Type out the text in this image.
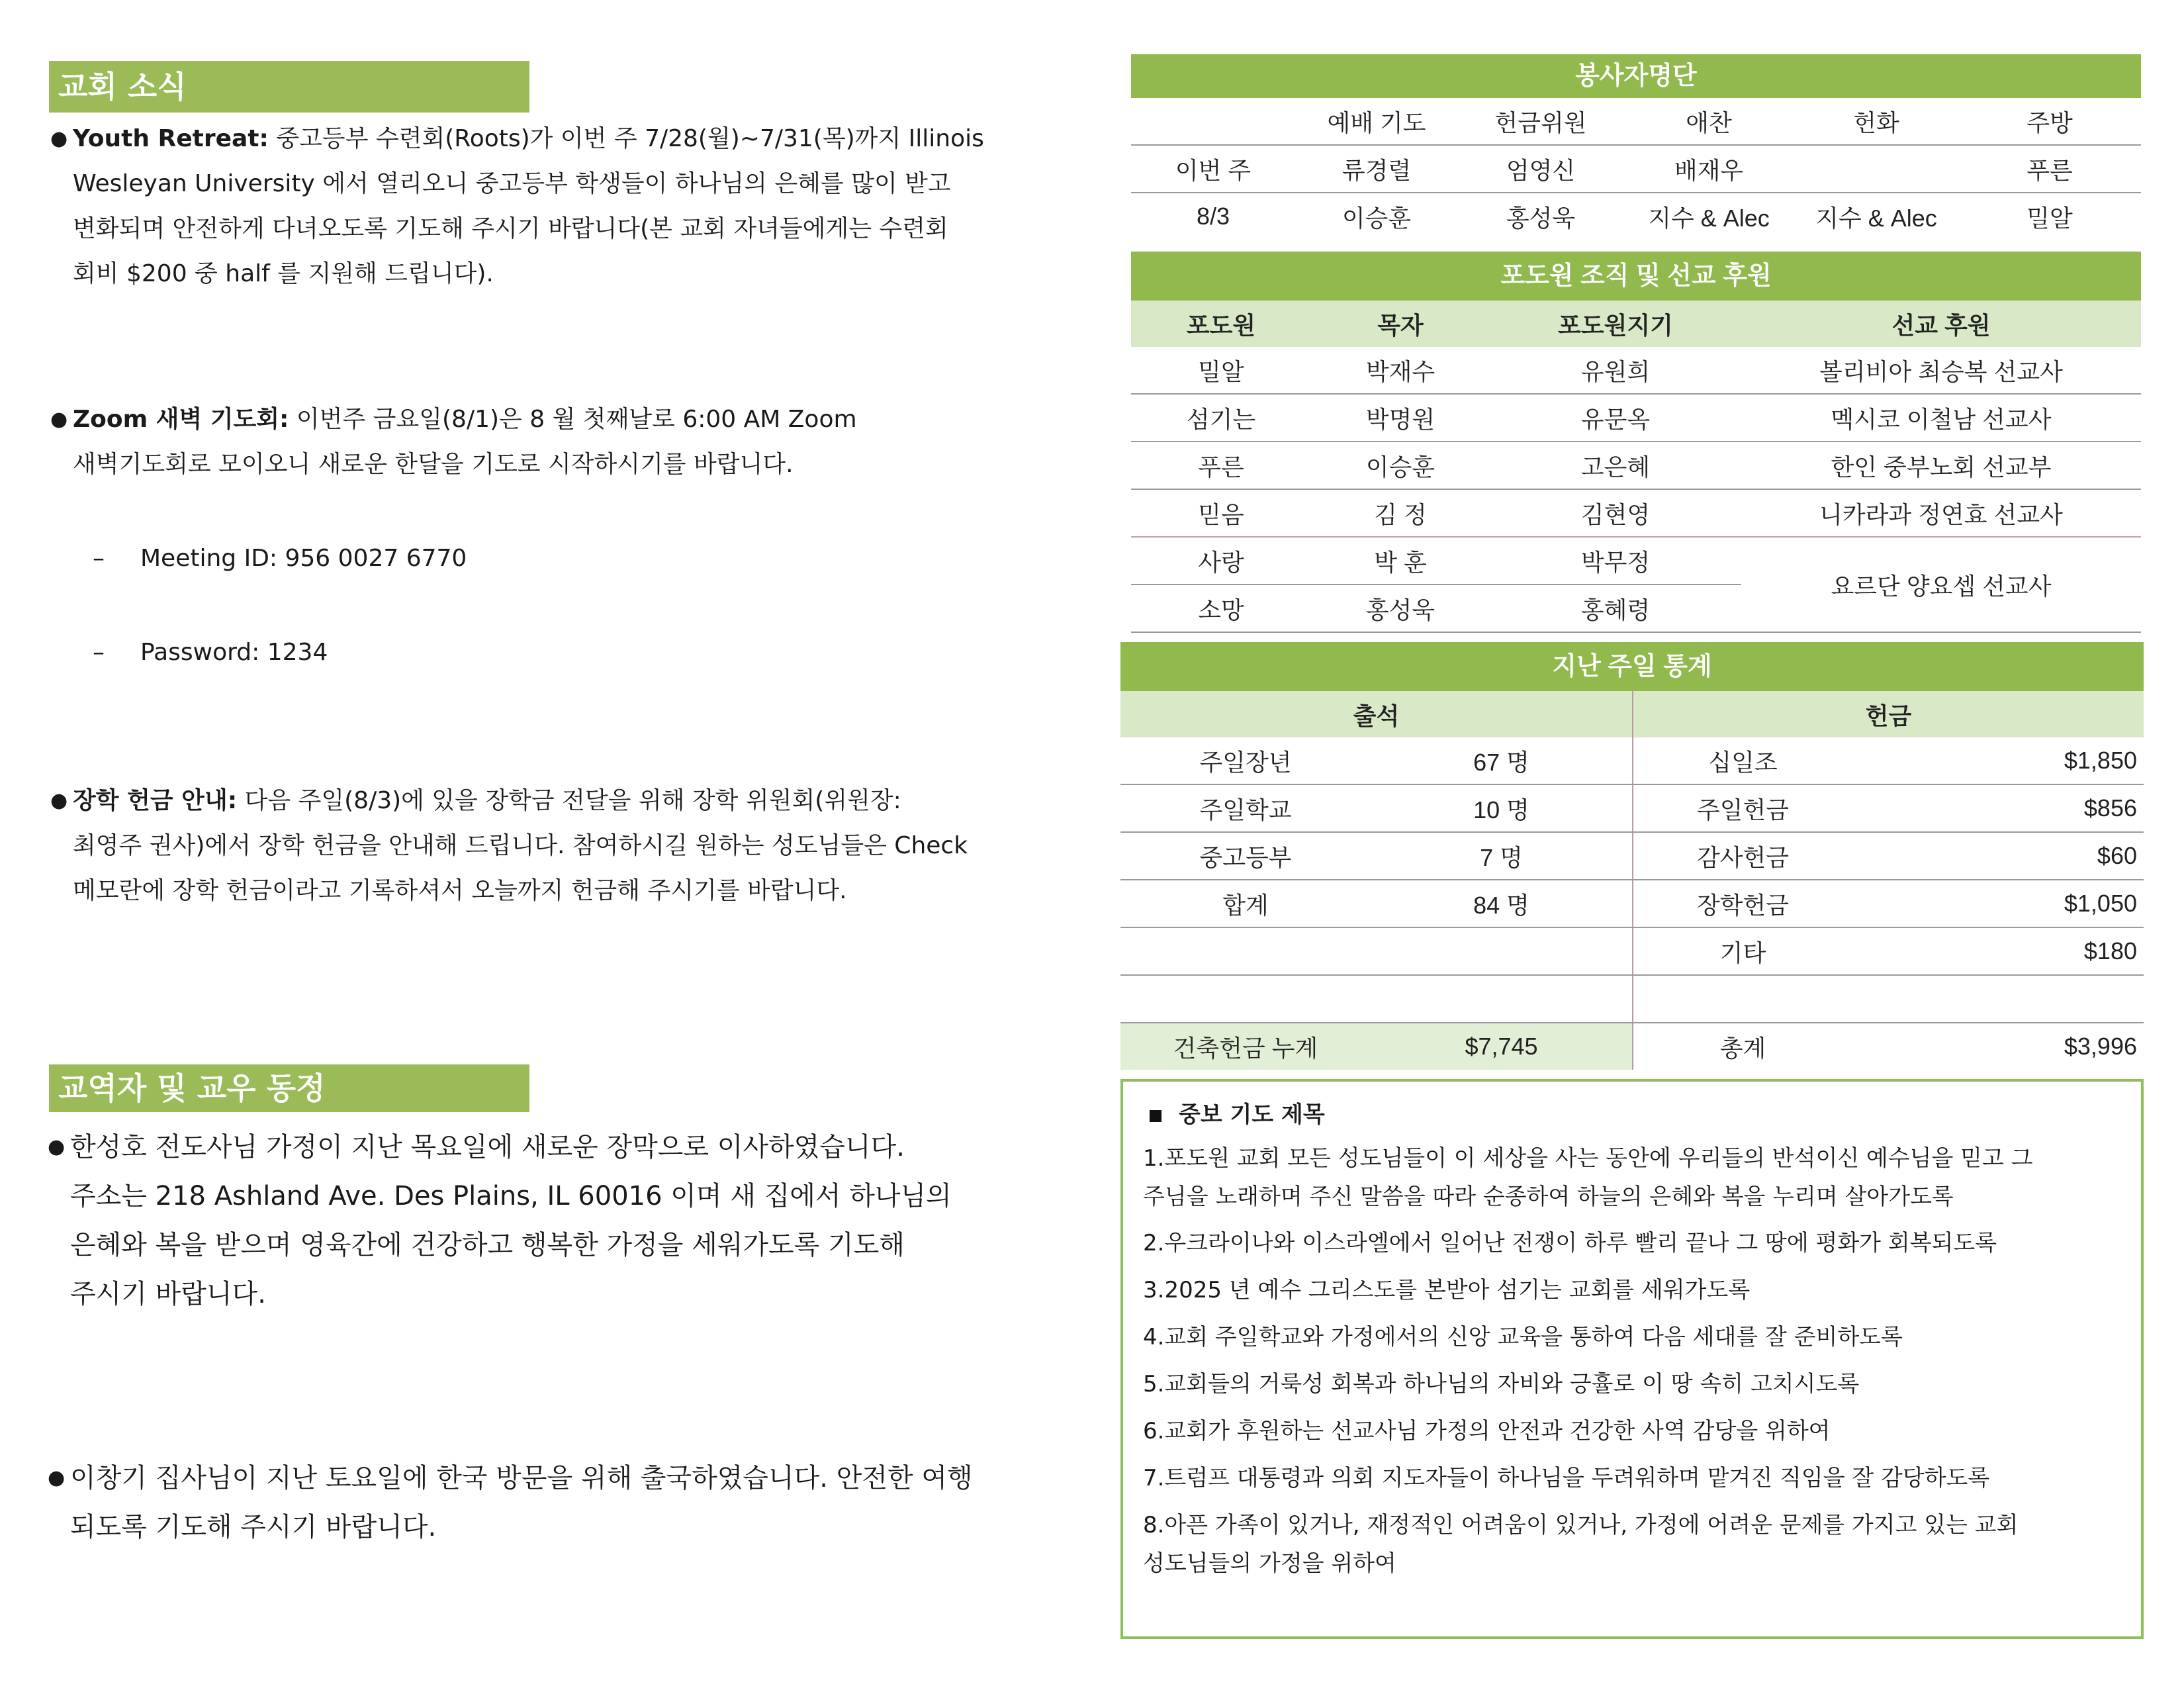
교회 소식
● Youth Retreat: 중고등부 수련회(Roots)가 이번 주 7/28(월)~7/31(목)까지 Illinois
Wesleyan University 에서 열리오니 중고등부 학생들이 하나님의 은혜를 많이 받고
변화되며 안전하게 다녀오도록 기도해 주시기 바랍니다(본 교회 자녀들에게는 수련회
회비 $200 중 half 를 지원해 드립니다).
● Zoom 새벽 기도회: 이번주 금요일(8/1)은 8 월 첫째날로 6:00 AM Zoom
새벽기도회로 모이오니 새로운 한달을 기도로 시작하시기를 바랍니다.
– Meeting ID: 956 0027 6770
– Password: 1234
● 장학 헌금 안내: 다음 주일(8/3)에 있을 장학금 전달을 위해 장학 위원회(위원장:
최영주 권사)에서 장학 헌금을 안내해 드립니다. 참여하시길 원하는 성도님들은 Check
메모란에 장학 헌금이라고 기록하셔서 오늘까지 헌금해 주시기를 바랍니다.
교역자 및 교우 동정
● 한성호 전도사님 가정이 지난 목요일에 새로운 장막으로 이사하였습니다.
주소는 218 Ashland Ave. Des Plains, IL 60016 이며 새 집에서 하나님의
은혜와 복을 받으며 영육간에 건강하고 행복한 가정을 세워가도록 기도해
주시기 바랍니다.
● 이창기 집사님이 지난 토요일에 한국 방문을 위해 출국하였습니다. 안전한 여행
되도록 기도해 주시기 바랍니다.
봉사자명단
	예배 기도	헌금위원	애찬	헌화	주방
이번 주	류경렬	엄영신	배재우		푸른
8/3	이승훈	홍성욱	지수 & Alec	지수 & Alec	밀알
포도원 조직 및 선교 후원
포도원	목자	포도원지기	선교 후원
밀알	박재수	유원희	볼리비아 최승복 선교사
섬기는	박명원	유문옥	멕시코 이철남 선교사
푸른	이승훈	고은혜	한인 중부노회 선교부
믿음	김 정	김현영	니카라과 정연효 선교사
사랑	박 훈	박무정	요르단 양요셉 선교사
소망	홍성욱	홍혜령	
지난 주일 통계
출석		헌금	
주일장년	67 명	십일조	$1,850
주일학교	10 명	주일헌금	$856
중고등부	7 명	감사헌금	$60
합계	84 명	장학헌금	$1,050
		기타	$180

건축헌금 누계	$7,745	총계	$3,996
중보 기도 제목
1.포도원 교회 모든 성도님들이 이 세상을 사는 동안에 우리들의 반석이신 예수님을 믿고 그
주님을 노래하며 주신 말씀을 따라 순종하여 하늘의 은혜와 복을 누리며 살아가도록
2.우크라이나와 이스라엘에서 일어난 전쟁이 하루 빨리 끝나 그 땅에 평화가 회복되도록
3.2025 년 예수 그리스도를 본받아 섬기는 교회를 세워가도록
4.교회 주일학교와 가정에서의 신앙 교육을 통하여 다음 세대를 잘 준비하도록
5.교회들의 거룩성 회복과 하나님의 자비와 긍휼로 이 땅 속히 고치시도록
6.교회가 후원하는 선교사님 가정의 안전과 건강한 사역 감당을 위하여
7.트럼프 대통령과 의회 지도자들이 하나님을 두려워하며 맡겨진 직임을 잘 감당하도록
8.아픈 가족이 있거나, 재정적인 어려움이 있거나, 가정에 어려운 문제를 가지고 있는 교회
성도님들의 가정을 위하여
